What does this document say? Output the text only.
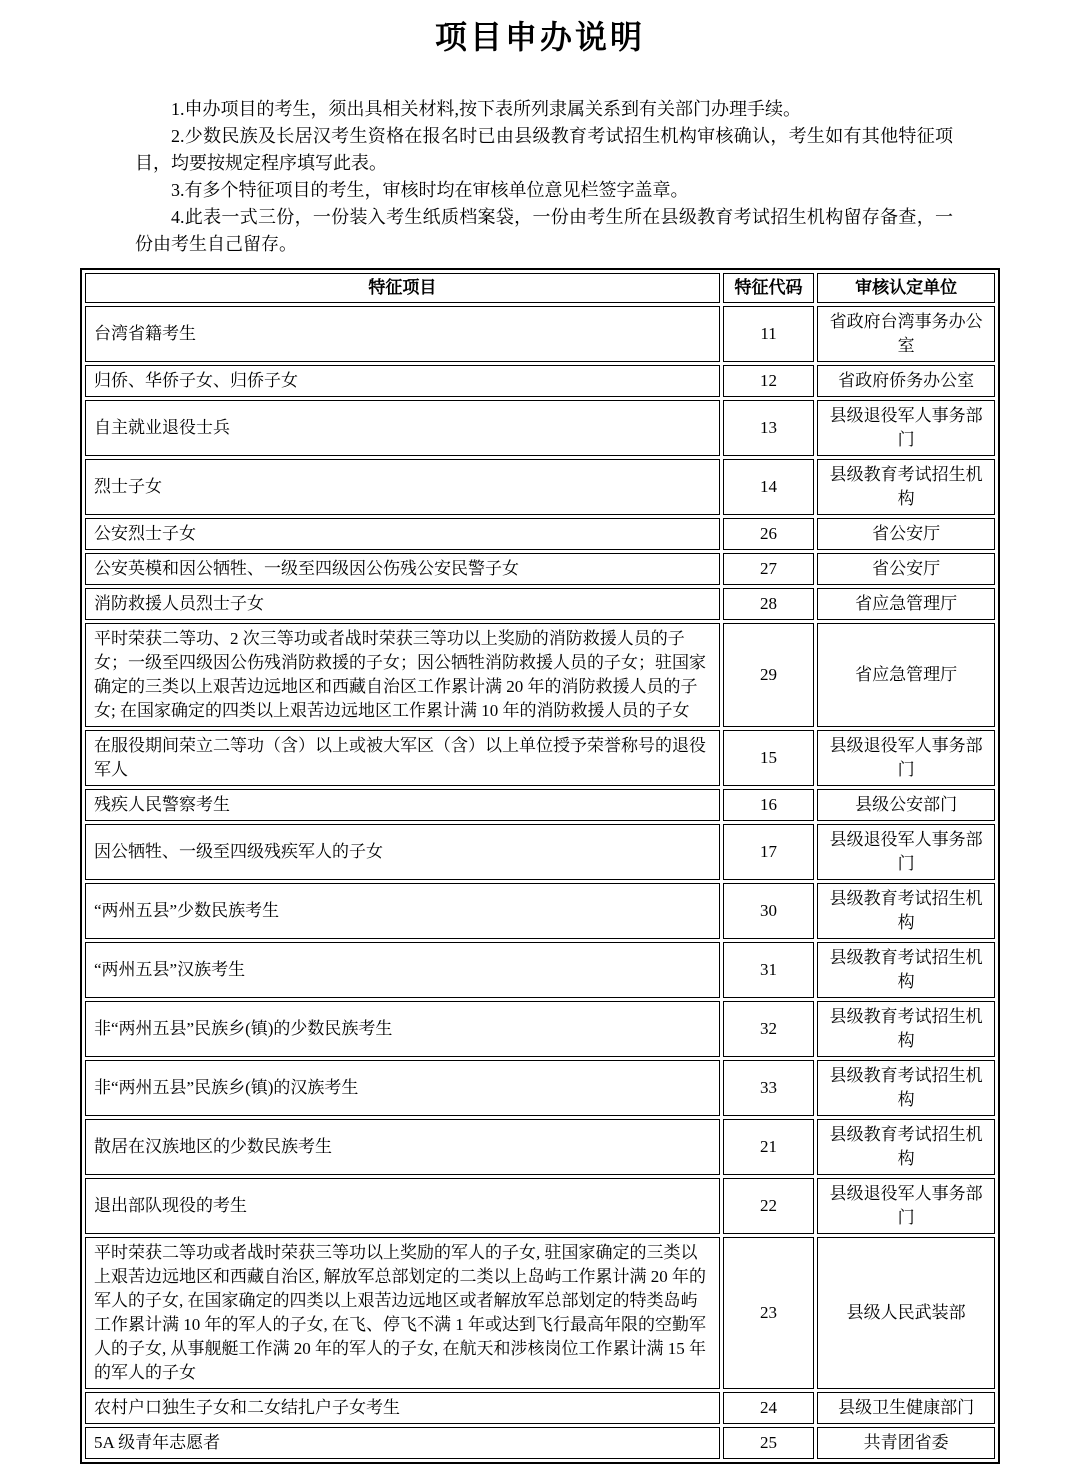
项目申办说明

1.申办项目的考生，须出具相关材料,按下表所列隶属关系到有关部门办理手续。

2.少数民族及长居汉考生资格在报名时已由县级教育考试招生机构审核确认，考生如有其他特征项目，均要按规定程序填写此表。

3.有多个特征项目的考生，审核时均在审核单位意见栏签字盖章。

4.此表一式三份，一份装入考生纸质档案袋，一份由考生所在县级教育考试招生机构留存备查，一份由考生自己留存。

特征项目	特征代码	审核认定单位
台湾省籍考生	11	省政府台湾事务办公室
归侨、华侨子女、归侨子女	12	省政府侨务办公室
自主就业退役士兵	13	县级退役军人事务部门
烈士子女	14	县级教育考试招生机构
公安烈士子女	26	省公安厅
公安英模和因公牺牲、一级至四级因公伤残公安民警子女	27	省公安厅
消防救援人员烈士子女	28	省应急管理厅
平时荣获二等功、2 次三等功或者战时荣获三等功以上奖励的消防救援人员的子女；一级至四级因公伤残消防救援的子女；因公牺牲消防救援人员的子女；驻国家确定的三类以上艰苦边远地区和西藏自治区工作累计满 20 年的消防救援人员的子女; 在国家确定的四类以上艰苦边远地区工作累计满 10 年的消防救援人员的子女	29	省应急管理厅
在服役期间荣立二等功（含）以上或被大军区（含）以上单位授予荣誉称号的退役军人	15	县级退役军人事务部门
残疾人民警察考生	16	县级公安部门
因公牺牲、一级至四级残疾军人的子女	17	县级退役军人事务部门
“两州五县”少数民族考生	30	县级教育考试招生机构
“两州五县”汉族考生	31	县级教育考试招生机构
非“两州五县”民族乡(镇)的少数民族考生	32	县级教育考试招生机构
非“两州五县”民族乡(镇)的汉族考生	33	县级教育考试招生机构
散居在汉族地区的少数民族考生	21	县级教育考试招生机构
退出部队现役的考生	22	县级退役军人事务部门
平时荣获二等功或者战时荣获三等功以上奖励的军人的子女, 驻国家确定的三类以上艰苦边远地区和西藏自治区, 解放军总部划定的二类以上岛屿工作累计满 20 年的军人的子女, 在国家确定的四类以上艰苦边远地区或者解放军总部划定的特类岛屿工作累计满 10 年的军人的子女, 在飞、停飞不满 1 年或达到飞行最高年限的空勤军人的子女, 从事舰艇工作满 20 年的军人的子女, 在航天和涉核岗位工作累计满 15 年的军人的子女	23	县级人民武装部
农村户口独生子女和二女结扎户子女考生	24	县级卫生健康部门
5A 级青年志愿者	25	共青团省委
